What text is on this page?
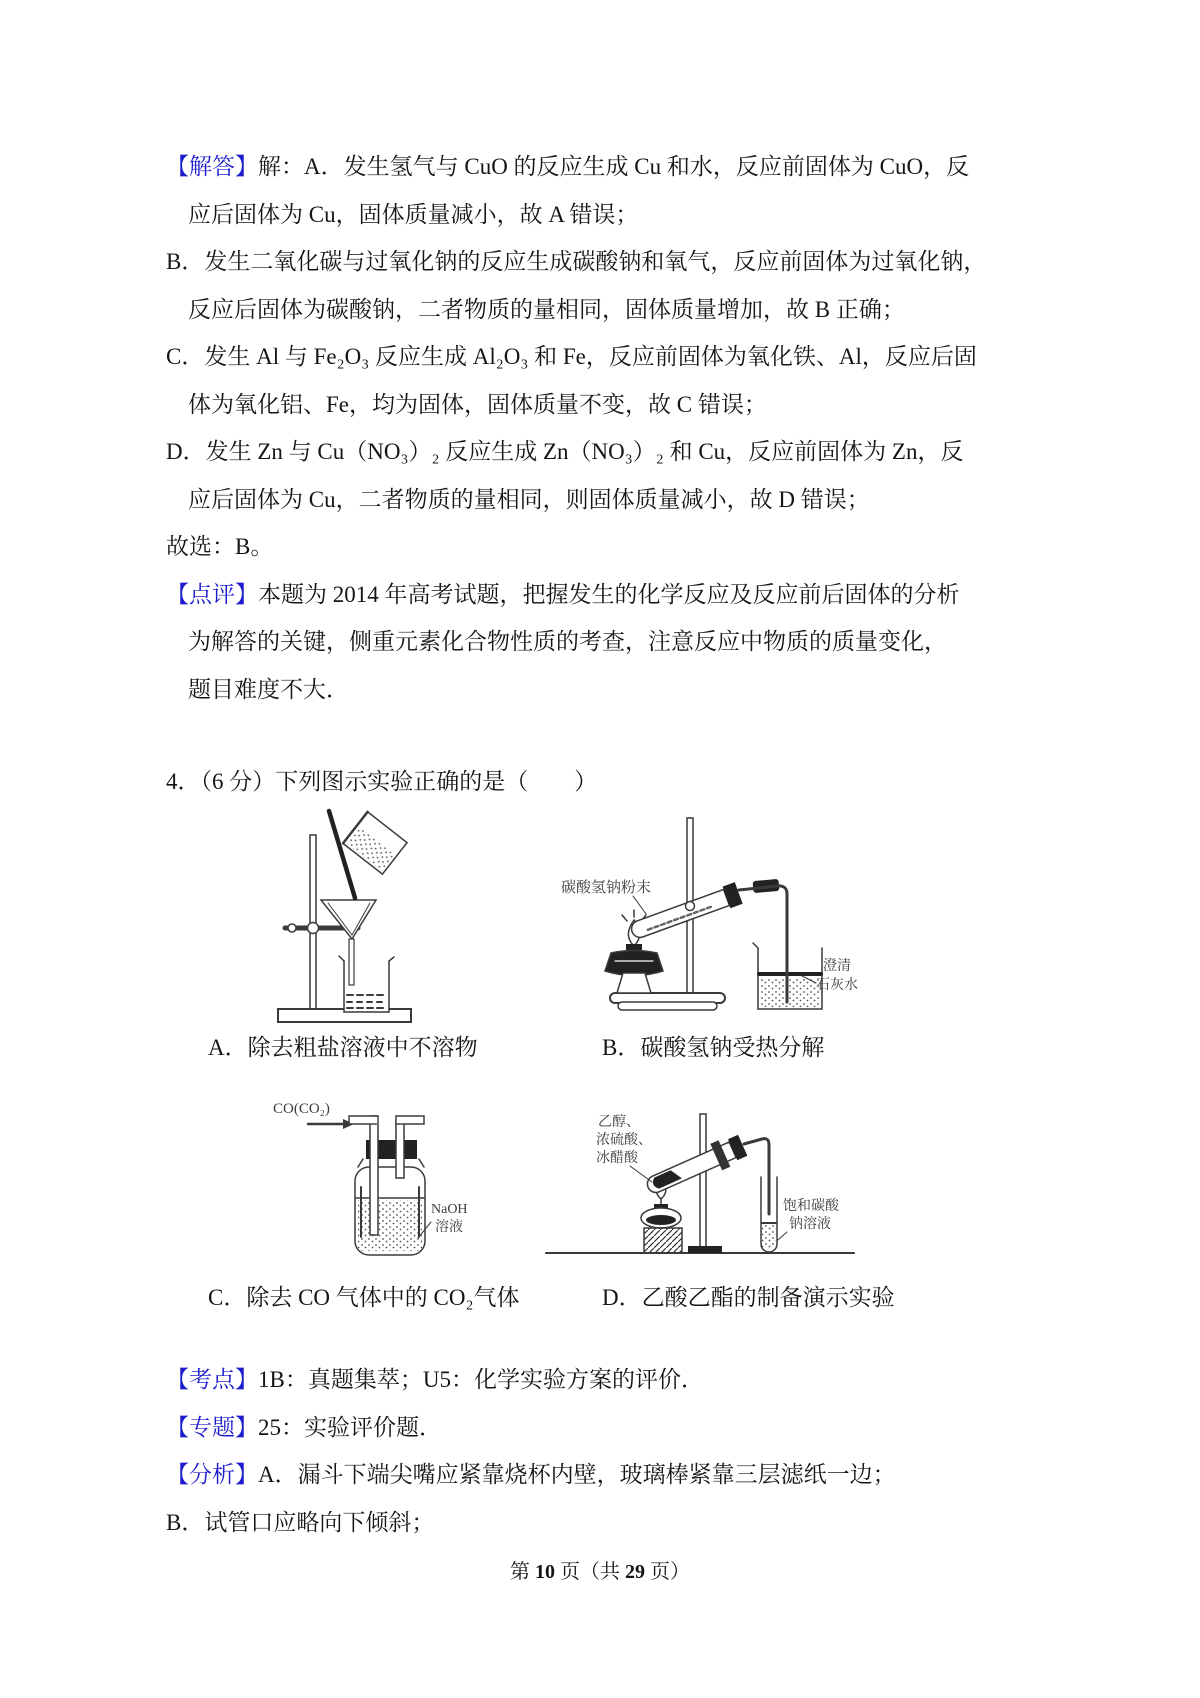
【解答】解：A．发生氢气与 CuO 的反应生成 Cu 和水，反应前固体为 CuO，反
应后固体为 Cu，固体质量减小，故 A 错误；
B．发生二氧化碳与过氧化钠的反应生成碳酸钠和氧气，反应前固体为过氧化钠，
反应后固体为碳酸钠，二者物质的量相同，固体质量增加，故 B 正确；
C．发生 Al 与 Fe₂O₃ 反应生成 Al₂O₃ 和 Fe，反应前固体为氧化铁、Al，反应后固
体为氧化铝、Fe，均为固体，固体质量不变，故 C 错误；
D．发生 Zn 与 Cu（NO₃）₂ 反应生成 Zn（NO₃）₂ 和 Cu，反应前固体为 Zn，反
应后固体为 Cu，二者物质的量相同，则固体质量减小，故 D 错误；
故选：B。
【点评】本题为 2014 年高考试题，把握发生的化学反应及反应前后固体的分析
为解答的关键，侧重元素化合物性质的考查，注意反应中物质的质量变化，
题目难度不大．
4．（6 分）下列图示实验正确的是（　　）
碳酸氢钠粉末
澄清
石灰水
A．除去粗盐溶液中不溶物	B．碳酸氢钠受热分解
CO(CO₂)
NaOH
溶液
乙醇、
浓硫酸、
冰醋酸
饱和碳酸
钠溶液
C．除去 CO 气体中的 CO₂气体	D．乙酸乙酯的制备演示实验
【考点】1B：真题集萃；U5：化学实验方案的评价．
【专题】25：实验评价题．
【分析】A．漏斗下端尖嘴应紧靠烧杯内壁，玻璃棒紧靠三层滤纸一边；
B．试管口应略向下倾斜；
第 10 页（共 29 页）
